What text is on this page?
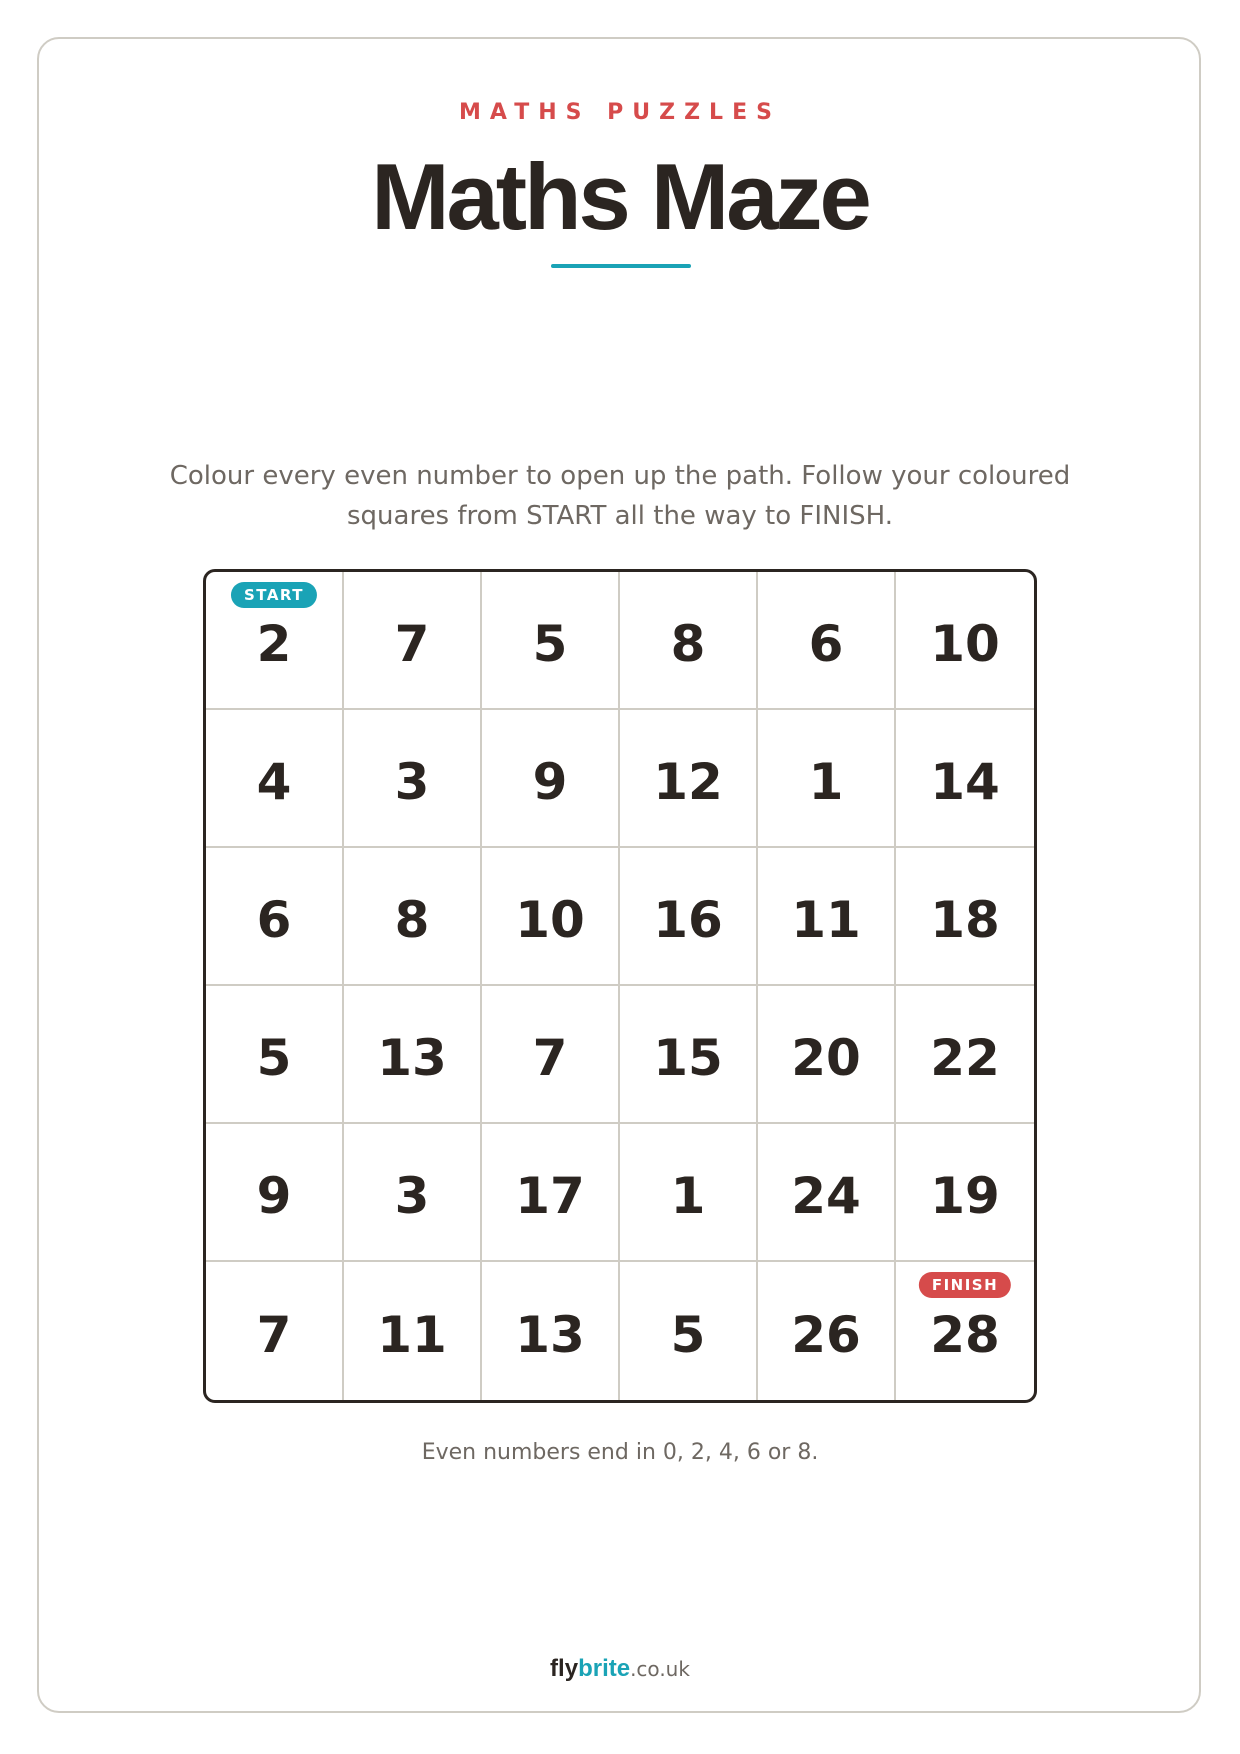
MATHS PUZZLES
Maths Maze
Colour every even number to open up the path. Follow your coloured
squares from START all the way to FINISH.
2
START
7 5 8 6 10
4 3 9 12 1 14
6 8 10 16 11 18
5 13 7 15 20 22
9 3 17 1 24 19
7 11 13 5 26 28
FINISH
Even numbers end in 0, 2, 4, 6 or 8.
flybrite.co.uk
